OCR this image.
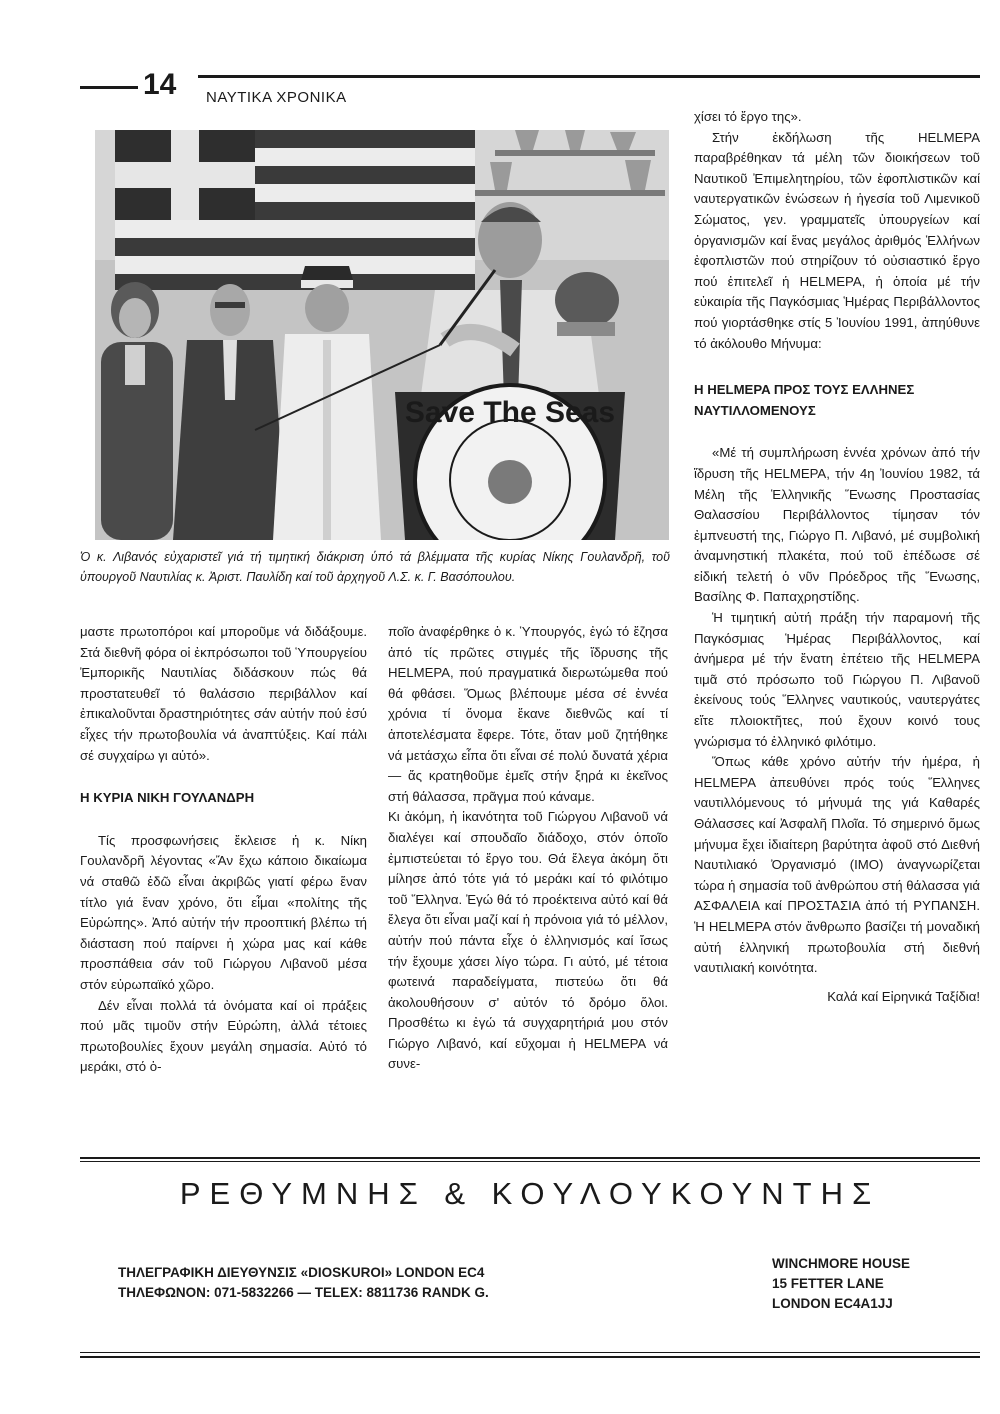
14 ΝΑΥΤΙΚΑ ΧΡΟΝΙΚΑ
Save The Seas
Ὁ κ. Λιβανός εὐχαριστεῖ γιά τή τιμητική διάκριση ὑπό τά βλέμματα τῆς κυρίας Νίκης Γουλανδρῆ, τοῦ ὑπουργοῦ Ναυτιλίας κ. Ἀριστ. Παυλίδη καί τοῦ ἀρχηγοῦ Λ.Σ. κ. Γ. Βασόπουλου.

μαστε πρωτοπόροι καί μποροῦμε νά διδάξουμε. Στά διεθνῆ φόρα οἱ ἐκπρόσωποι τοῦ Ὑπουργείου Ἐμπορικῆς Ναυτιλίας διδάσκουν πώς θά προστατευθεῖ τό θαλάσσιο περιβάλλον καί ἐπικαλοῦνται δραστηριότητες σάν αὐτήν πού ἐσύ εἶχες τήν πρωτοβουλία νά ἀναπτύξεις. Καί πάλι σέ συγχαίρω γι αὐτό».

Η ΚΥΡΙΑ ΝΙΚΗ ΓΟΥΛΑΝΔΡΗ

Τίς προσφωνήσεις ἔκλεισε ἡ κ. Νίκη Γουλανδρῆ λέγοντας «Ἄν ἔχω κάποιο δικαίωμα νά σταθῶ ἐδῶ εἶναι ἀκριβῶς γιατί φέρω ἕναν τίτλο γιά ἕναν χρόνο, ὅτι εἶμαι «πολίτης τῆς Εὐρώπης». Ἀπό αὐτήν τήν προοπτική βλέπω τή διάσταση πού παίρνει ἡ χώρα μας καί κάθε προσπάθεια σάν τοῦ Γιώργου Λιβανοῦ μέσα στόν εὐρωπαϊκό χῶρο.

Δέν εἶναι πολλά τά ὀνόματα καί οἱ πράξεις πού μᾶς τιμοῦν στήν Εὐρώπη, ἀλλά τέτοιες πρωτοβουλίες ἔχουν μεγάλη σημασία. Αὐτό τό μεράκι, στό ὁ-

ποῖο ἀναφέρθηκε ὁ κ. Ὑπουργός, ἐγώ τό ἔζησα ἀπό τίς πρῶτες στιγμές τῆς ἵδρυσης τῆς HELMEPA, πού πραγματικά διερωτώμεθα πού θά φθάσει. Ὅμως βλέπουμε μέσα σέ ἐννέα χρόνια τί ὄνομα ἔκανε διεθνῶς καί τί ἀποτελέσματα ἔφερε. Τότε, ὅταν μοῦ ζητήθηκε νά μετάσχω εἶπα ὅτι εἶναι σέ πολύ δυνατά χέρια — ἄς κρατηθοῦμε ἐμεῖς στήν ξηρά κι ἐκεῖνος στή θάλασσα, πρᾶγμα πού κάναμε.

Κι ἀκόμη, ἡ ἱκανότητα τοῦ Γιώργου Λιβανοῦ νά διαλέγει καί σπουδαῖο διάδοχο, στόν ὁποῖο ἐμπιστεύεται τό ἔργο του. Θά ἔλεγα ἀκόμη ὅτι μίλησε ἀπό τότε γιά τό μεράκι καί τό φιλότιμο τοῦ Ἕλληνα. Ἐγώ θά τό προέκτεινα αὐτό καί θά ἔλεγα ὅτι εἶναι μαζί καί ἡ πρόνοια γιά τό μέλλον, αὐτήν πού πάντα εἶχε ὁ ἑλληνισμός καί ἴσως τήν ἔχουμε χάσει λίγο τώρα. Γι αὐτό, μέ τέτοια φωτεινά παραδείγματα, πιστεύω ὅτι θά ἀκολουθήσουν σ' αὐτόν τό δρόμο ὅλοι. Προσθέτω κι ἐγώ τά συγχαρητήριά μου στόν Γιώργο Λιβανό, καί εὔχομαι ἡ HELMEPA νά συνε-

χίσει τό ἔργο της».

Στήν ἐκδήλωση τῆς HELMEPA παραβρέθηκαν τά μέλη τῶν διοικήσεων τοῦ Ναυτικοῦ Ἐπιμελητηρίου, τῶν ἐφοπλιστικῶν καί ναυτεργατικῶν ἑνώσεων ἡ ἡγεσία τοῦ Λιμενικοῦ Σώματος, γεν. γραμματεῖς ὑπουργείων καί ὀργανισμῶν καί ἕνας μεγάλος ἀριθμός Ἑλλήνων ἐφοπλιστῶν πού στηρίζουν τό οὐσιαστικό ἔργο πού ἐπιτελεῖ ἡ HELMEPA, ἡ ὁποία μέ τήν εὐκαιρία τῆς Παγκόσμιας Ἡμέρας Περιβάλλοντος πού γιορτάσθηκε στίς 5 Ἰουνίου 1991, ἀπηύθυνε τό ἀκόλουθο Μήνυμα:

Η HELMEPA ΠΡΟΣ ΤΟΥΣ ΕΛΛΗΝΕΣ ΝΑΥΤΙΛΛΟΜΕΝΟΥΣ

«Μέ τή συμπλήρωση ἐννέα χρόνων ἀπό τήν ἵδρυση τῆς HELMEPA, τήν 4η Ἰουνίου 1982, τά Μέλη τῆς Ἑλληνικῆς Ἕνωσης Προστασίας Θαλασσίου Περιβάλλοντος τίμησαν τόν ἐμπνευστή της, Γιώργο Π. Λιβανό, μέ συμβολική ἀναμνηστική πλακέτα, πού τοῦ ἐπέδωσε σέ εἰδική τελετή ὁ νῦν Πρόεδρος τῆς Ἕνωσης, Βασίλης Φ. Παπαχρηστίδης.

Ἡ τιμητική αὐτή πράξη τήν παραμονή τῆς Παγκόσμιας Ἡμέρας Περιβάλλοντος, καί ἀνήμερα μέ τήν ἔνατη ἐπέτειο τῆς HELMEPA τιμᾶ στό πρόσωπο τοῦ Γιώργου Π. Λιβανοῦ ἐκείνους τούς Ἕλληνες ναυτικούς, ναυτεργάτες εἴτε πλοιοκτῆτες, πού ἔχουν κοινό τους γνώρισμα τό ἑλληνικό φιλότιμο.

Ὅπως κάθε χρόνο αὐτήν τήν ἡμέρα, ἡ HELMEPA ἀπευθύνει πρός τούς Ἕλληνες ναυτιλλόμενους τό μήνυμά της γιά Καθαρές Θάλασσες καί Ἀσφαλῆ Πλοῖα. Τό σημερινό ὅμως μήνυμα ἔχει ἰδιαίτερη βαρύτητα ἀφοῦ στό Διεθνή Ναυτιλιακό Ὀργανισμό (IMO) ἀναγνωρίζεται τώρα ἡ σημασία τοῦ ἀνθρώπου στή θάλασσα γιά ΑΣΦΑΛΕΙΑ καί ΠΡΟΣΤΑΣΙΑ ἀπό τή ΡΥΠΑΝΣΗ. Ἡ HELMEPA στόν ἄνθρωπο βασίζει τή μοναδική αὐτή ἑλληνική πρωτοβουλία στή διεθνή ναυτιλιακή κοινότητα.

Καλά καί Εἰρηνικά Ταξίδια!

ΡΕΘΥΜΝΗΣ & ΚΟΥΛΟΥΚΟΥΝΤΗΣ
ΤΗΛΕΓΡΑΦΙΚΗ ΔΙΕΥΘΥΝΣΙΣ «DIOSKUROI» LONDON EC4
ΤΗΛΕΦΩΝΟΝ: 071-5832266 — TELEX: 8811736 RANDK G.
WINCHMORE HOUSE
15 FETTER LANE
LONDON EC4A1JJ
